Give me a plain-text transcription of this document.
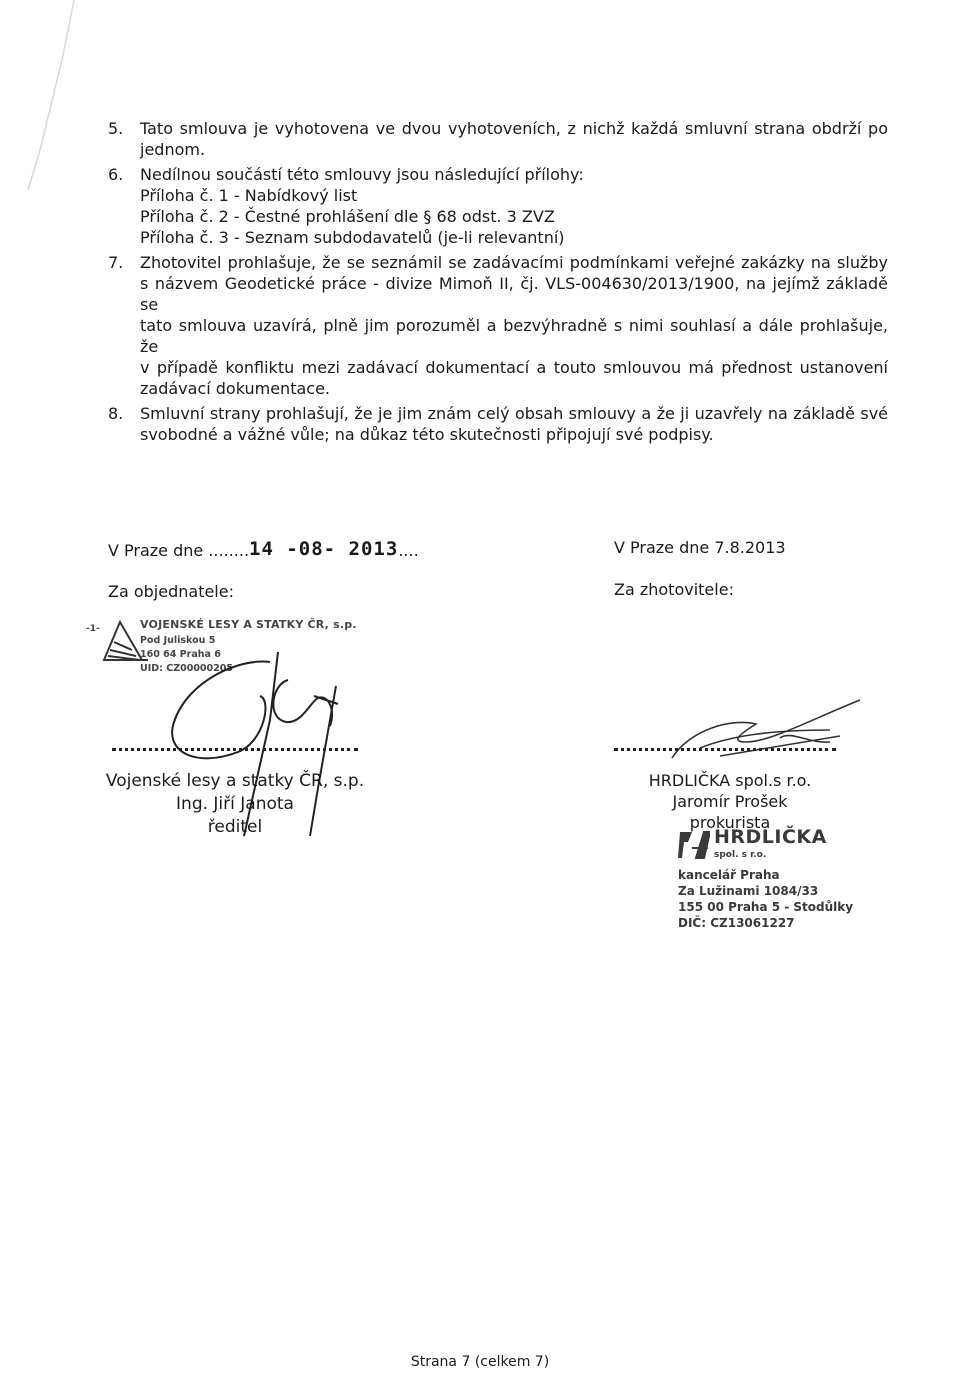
5.	Tato smlouva je vyhotovena ve dvou vyhotoveních, z nichž každá smluvní strana obdrží po
jednom.
6.	Nedílnou součástí této smlouvy jsou následující přílohy:
Příloha č. 1 - Nabídkový list
Příloha č. 2 - Čestné prohlášení dle § 68 odst. 3 ZVZ
Příloha č. 3 - Seznam subdodavatelů (je-li relevantní)
7.	Zhotovitel prohlašuje, že se seznámil se zadávacími podmínkami veřejné zakázky na služby
s názvem Geodetické práce - divize Mimoň II, čj. VLS-004630/2013/1900, na jejímž základě se
tato smlouva uzavírá, plně jim porozuměl a bezvýhradně s nimi souhlasí a dále prohlašuje, že
v případě konfliktu mezi zadávací dokumentací a touto smlouvou má přednost ustanovení
zadávací dokumentace.
8.	Smluvní strany prohlašují, že je jim znám celý obsah smlouvy a že ji uzavřely na základě své
svobodné a vážné vůle; na důkaz této skutečnosti připojují své podpisy.
V Praze dne ........14 -08- 2013....
Za objednatele:
-1-	VOJENSKÉ LESY A STATKY ČR, s.p.
Pod Juliskou 5
160 64 Praha 6
UID: CZ00000205
Vojenské lesy a statky ČR, s.p.
Ing. Jiří Janota
ředitel
V Praze dne 7.8.2013
Za zhotovitele:
HRDLIČKA spol.s r.o.
Jaromír Prošek
prokurista
HRDLIČKA
spol. s r.o.
kancelář Praha
Za Lužinami 1084/33
155 00 Praha 5 - Stodůlky
DIČ: CZ13061227
Strana 7 (celkem 7)
